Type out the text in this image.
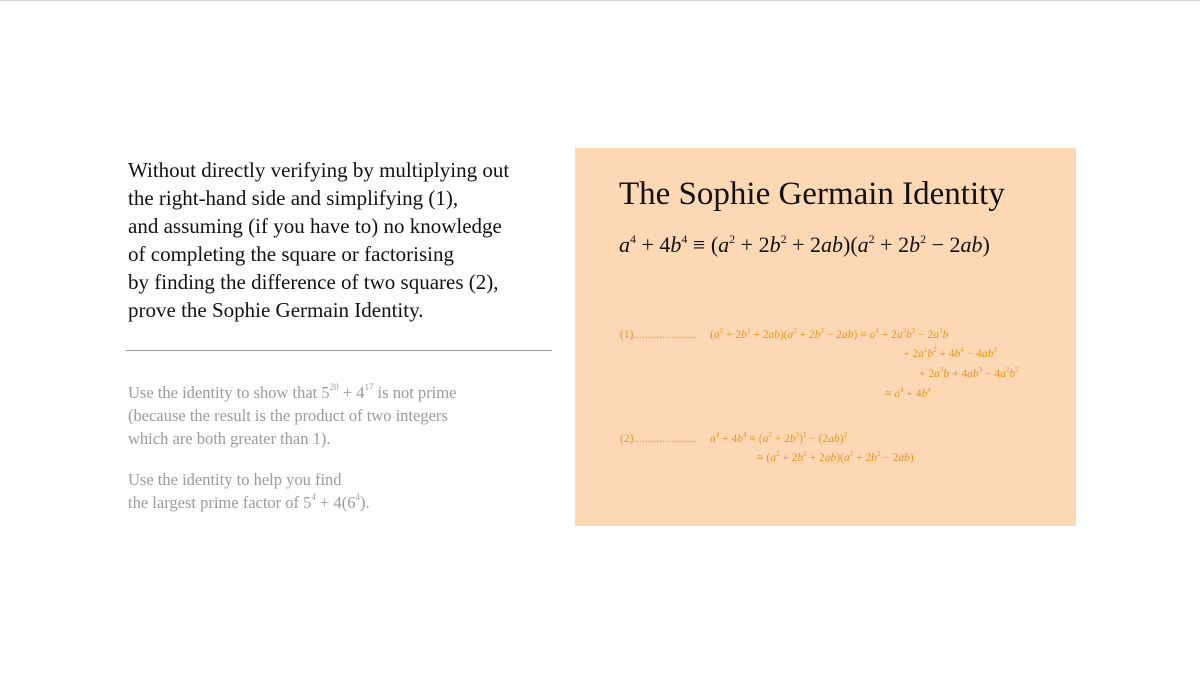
Without directly verifying by multiplying out
the right-hand side and simplifying (1),
and assuming (if you have to) no knowledge
of completing the square or factorising
by finding the difference of two squares (2),
prove the Sophie Germain Identity.
Use the identity to show that $5^{20} + 4^{17}$ is not prime
(because the result is the product of two integers
which are both greater than 1).
Use the identity to help you find
the largest prime factor of $5^4 + 4(6^4)$.
The Sophie Germain Identity
$a^4 + 4b^4 \equiv (a^2 + 2b^2 + 2ab)(a^2 + 2b^2 - 2ab)$
(1)...................... $(a^2 + 2b^2 + 2ab)(a^2 + 2b^2 - 2ab) \equiv a^4 + 2a^2b^2 - 2a^3b$
+ $2a^2b^2 + 4b^4 - 4ab^3$
+ $2a^3b + 4ab^3 - 4a^2b^2$
≡ $a^4 + 4b^4$
(2)...................... $a^4 + 4b^4 \equiv (a^2 + 2b^2)^2 - (2ab)^2$
≡ $(a^2 + 2b^2 + 2ab)(a^2 + 2b^2 - 2ab)$
